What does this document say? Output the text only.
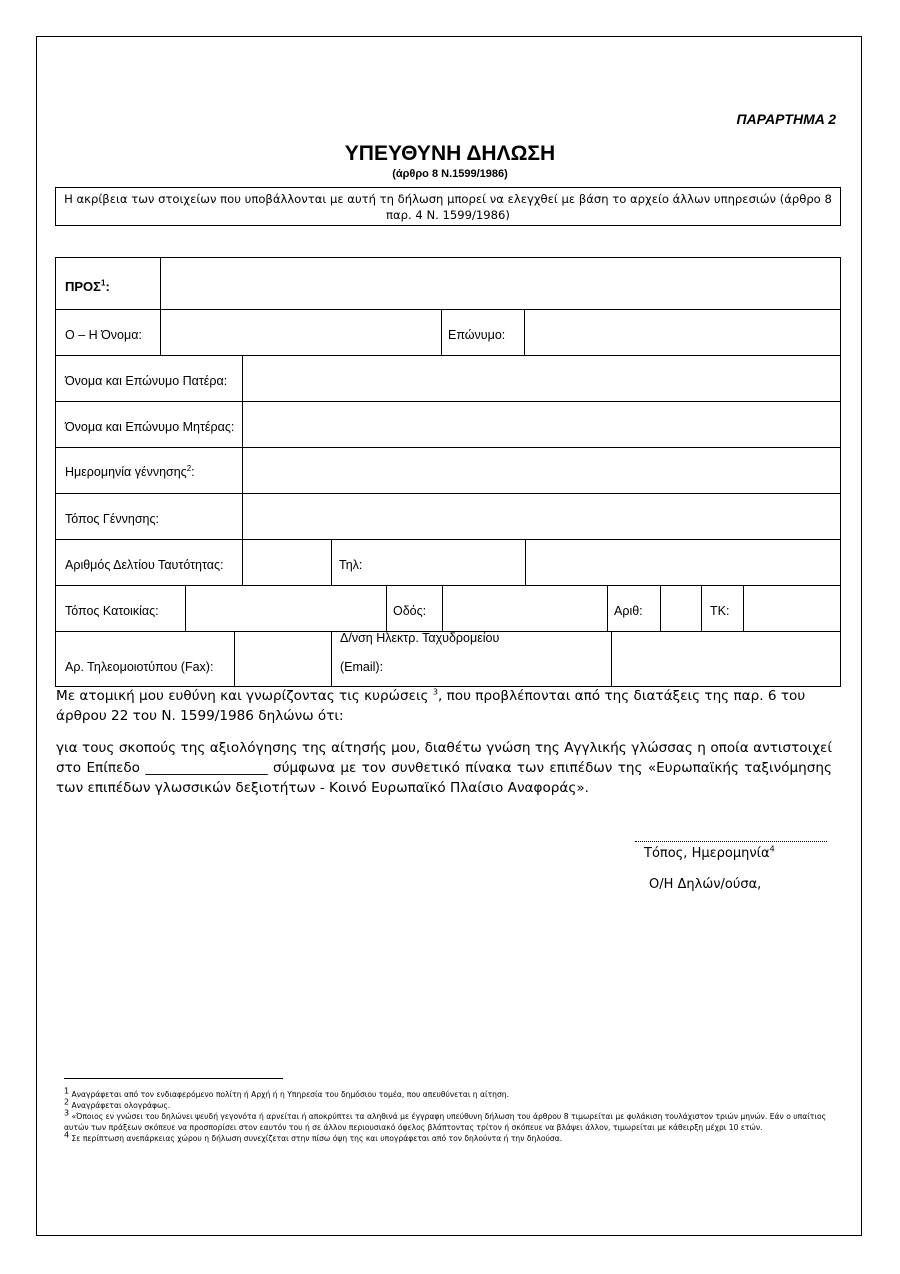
ΠΑΡΑΡΤΗΜΑ 2
ΥΠΕΥΘΥΝΗ ΔΗΛΩΣΗ
(άρθρο 8 Ν.1599/1986)
Η ακρίβεια των στοιχείων που υποβάλλονται με αυτή τη δήλωση μπορεί να ελεγχθεί με βάση το αρχείο άλλων υπηρεσιών (άρθρο 8 παρ. 4 Ν. 1599/1986)
ΠΡΟΣ$^1$:
Ο – Η Όνομα:	Επώνυμο:
Όνομα και Επώνυμο Πατέρα:
Όνομα και Επώνυμο Μητέρας:
Ημερομηνία γέννησης$^2$:
Τόπος Γέννησης:
Αριθμός Δελτίου Ταυτότητας:	Τηλ:
Τόπος Κατοικίας:	Οδός:	Αριθ:	ΤΚ:
Αρ. Τηλεομοιοτύπου (Fax):
Δ/νση Ηλεκτρ. Ταχυδρομείου
(Email):
Με ατομική μου ευθύνη και γνωρίζοντας τις κυρώσεις $^3$, που προβλέπονται από της διατάξεις της παρ. 6 του άρθρου 22 του Ν. 1599/1986 δηλώνω ότι:
για τους σκοπούς της αξιολόγησης της αίτησής μου, διαθέτω γνώση της Αγγλικής γλώσσας η οποία αντιστοιχεί στο Επίπεδο __________________ σύμφωνα με τον συνθετικό πίνακα των επιπέδων της «Ευρωπαϊκής ταξινόμησης των επιπέδων γλωσσικών δεξιοτήτων - Κοινό Ευρωπαϊκό Πλαίσιο Αναφοράς».
Τόπος, Ημερομηνία$^4$
Ο/Η Δηλών/ούσα,
$^1$ Αναγράφεται από τον ενδιαφερόμενο πολίτη ή Αρχή ή η Υπηρεσία του δημόσιου τομέα, που απευθύνεται η αίτηση.
$^2$ Αναγράφεται ολογράφως.
$^3$ «Όποιος εν γνώσει του δηλώνει ψευδή γεγονότα ή αρνείται ή αποκρύπτει τα αληθινά με έγγραφη υπεύθυνη δήλωση του άρθρου 8 τιμωρείται με φυλάκιση τουλάχιστον τριών μηνών. Εάν ο υπαίτιος αυτών των πράξεων σκόπευε να προσπορίσει στον εαυτόν του ή σε άλλον περιουσιακό όφελος βλάπτοντας τρίτον ή σκόπευε να βλάψει άλλον, τιμωρείται με κάθειρξη μέχρι 10 ετών.
$^4$ Σε περίπτωση ανεπάρκειας χώρου η δήλωση συνεχίζεται στην πίσω όψη της και υπογράφεται από τον δηλούντα ή την δηλούσα.
